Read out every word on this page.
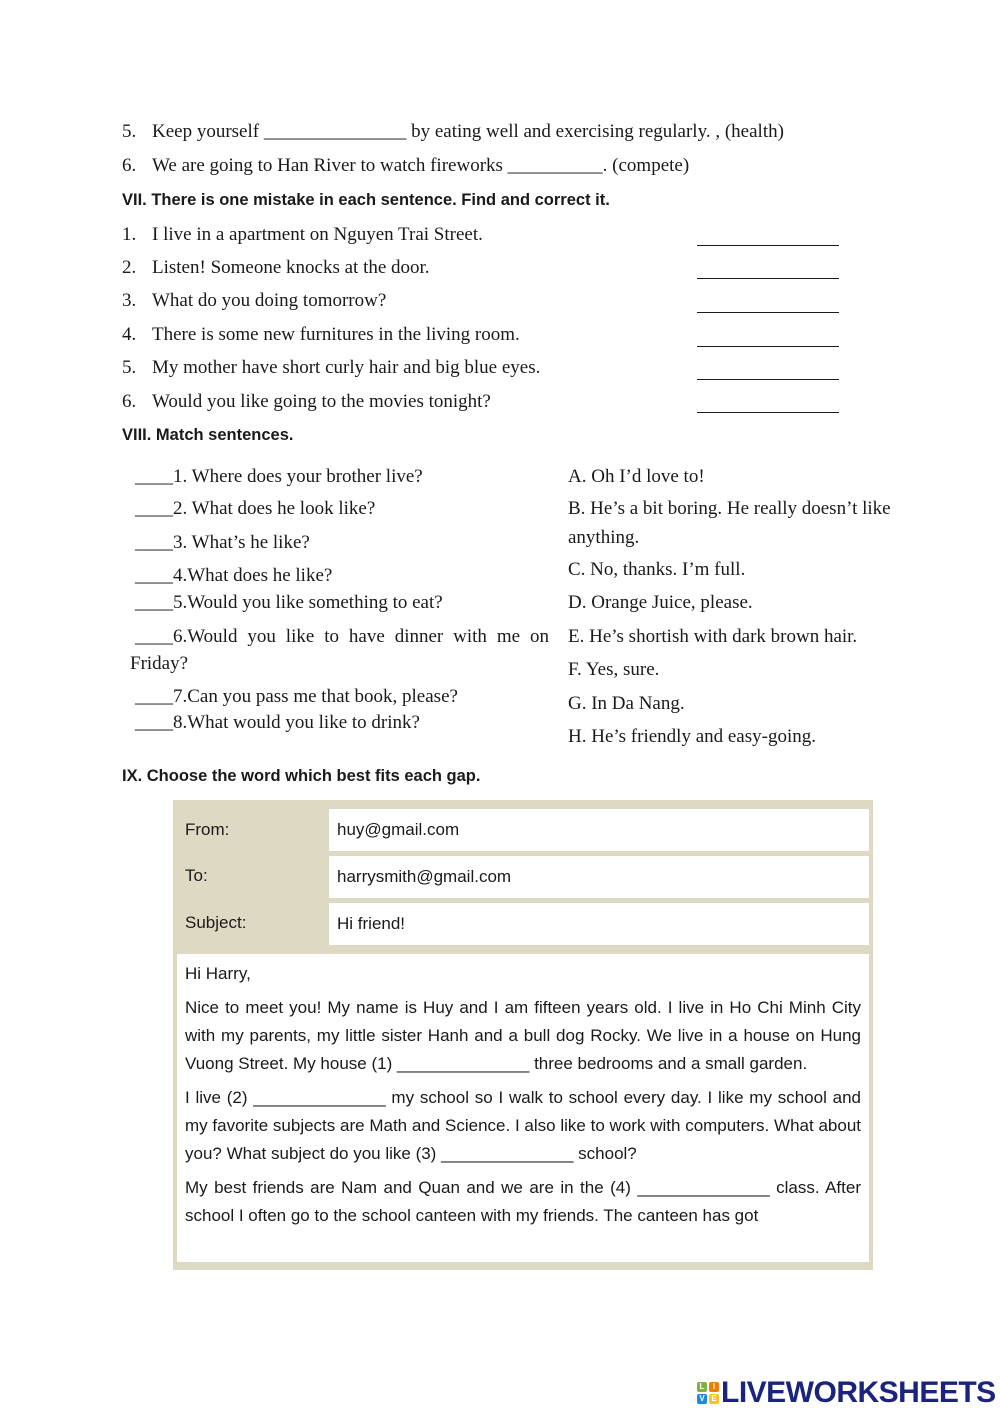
5. Keep yourself _______________ by eating well and exercising regularly. , (health)
6. We are going to Han River to watch fireworks __________. (compete)
VII. There is one mistake in each sentence. Find and correct it.
1. I live in a apartment on Nguyen Trai Street.
2. Listen! Someone knocks at the door.
3. What do you doing tomorrow?
4. There is some new furnitures in the living room.
5. My mother have short curly hair and big blue eyes.
6. Would you like going to the movies tonight?
VIII. Match sentences.
____1. Where does your brother live?
____2. What does he look like?
____3. What’s he like?
____4.What does he like?
____5.Would you like something to eat?
____6.Would you like to have dinner with me on
Friday?
____7.Can you pass me that book, please?
____8.What would you like to drink?
A. Oh I’d love to!
B. He’s a bit boring. He really doesn’t like
anything.
C. No, thanks. I’m full.
D. Orange Juice, please.
E. He’s shortish with dark brown hair.
F. Yes, sure.
G. In Da Nang.
H. He’s friendly and easy-going.
IX. Choose the word which best fits each gap.
From:	huy@gmail.com
To:	harrysmith@gmail.com
Subject:	Hi friend!

Hi Harry,

Nice to meet you! My name is Huy and I am fifteen years old. I live in Ho Chi Minh City with my parents, my little sister Hanh and a bull dog Rocky. We live in a house on Hung Vuong Street. My house (1) ______________ three bedrooms and a small garden.

I live (2) ______________ my school so I walk to school every day. I like my school and my favorite subjects are Math and Science. I also like to work with computers. What about you? What subject do you like (3) ______________ school?

My best friends are Nam and Quan and we are in the (4) ______________ class. After school I often go to the school canteen with my friends. The canteen has got

L	I
V E LIVEWORKSHEETS
